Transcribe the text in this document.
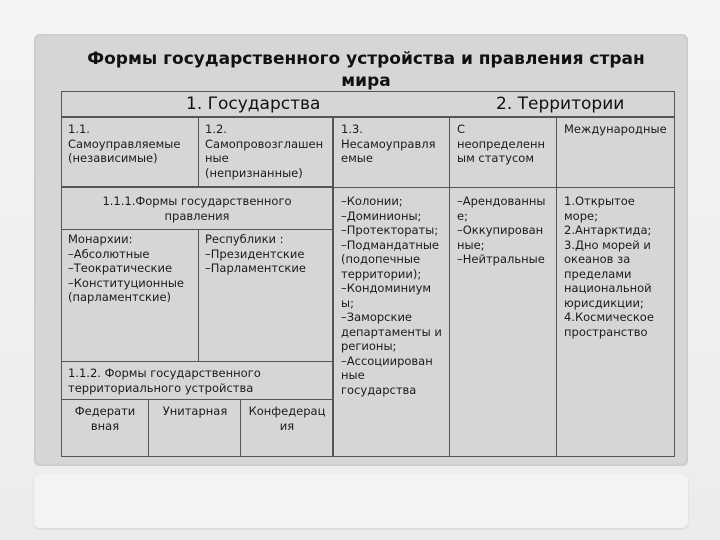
Формы государственного устройства и правления стран
мира
1. Государства	2. Территории
1.1.
Самоуправляемые
(независимые)
1.2.
Самопровозглашен
ные
(непризнанные)
1.1.1.Формы государственного
правления
Монархии:
–Абсолютные
–Теократические
–Конституционные
(парламентские)
Республики :
–Президентские
–Парламентские
1.1.2. Формы государственного
территориального устройства
Федерати
вная
Унитарная	Конфедерац
ия
1.3.
Несамоуправля
емые
С
неопределенн
ым статусом
Международные
–Колонии;
–Доминионы;
–Протектораты;
–Подмандатные
(подопечные
территории);
–Кондоминиум
ы;
–Заморские
департаменты и
регионы;
–Ассоциирован
ные
государства
–Арендованны
е;
–Оккупирован
ные;
–Нейтральные
1.Открытое
море;
2.Антарктида;
3.Дно морей и
океанов за
пределами
национальной
юрисдикции;
4.Космическое
пространство
